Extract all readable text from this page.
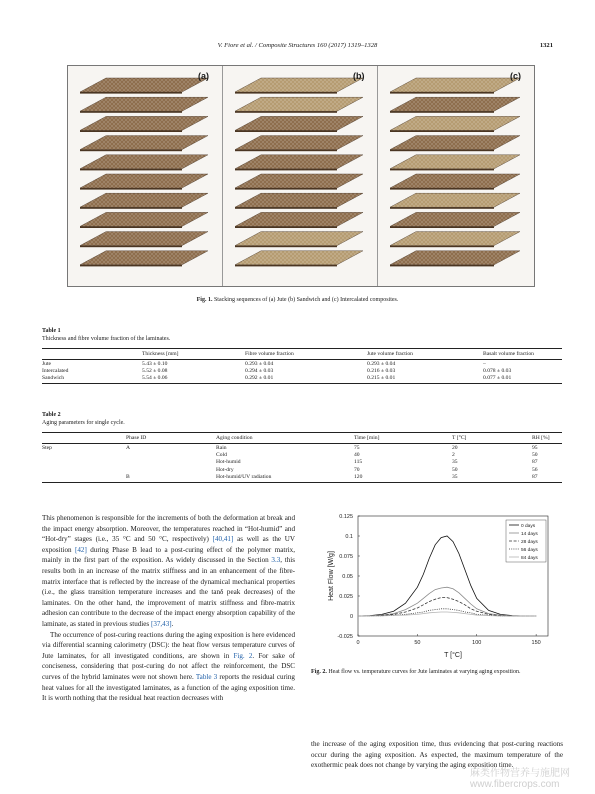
V. Fiore et al. / Composite Structures 160 (2017) 1319–1328	1321
(a)	(b)	(c)
Fig. 1. Stacking sequences of (a) Jute (b) Sandwich and (c) Intercalated composites.
Table 1
Thickness and fibre volume fraction of the laminates.
	Thickness [mm]	Fibre volume fraction	Jute volume fraction	Basalt volume fraction
Jute	5.43 ± 0.10	0.293 ± 0.04	0.293 ± 0.04	–
Intercalated	5.52 ± 0.08	0.294 ± 0.03	0.216 ± 0.03	0.078 ± 0.03
Sandwich	5.54 ± 0.06	0.292 ± 0.01	0.215 ± 0.01	0.077 ± 0.01
Table 2
Aging parameters for single cycle.
	Phase ID	Aging condition	Time [min]	T [°C]	RH [%]
Step	A	Rain	75	20	95
		Cold	40	2	50
		Hot-humid	115	35	87
		Hot-dry	70	50	56
	B	Hot-humid/UV radiation	120	35	87

This phenomenon is responsible for the increments of both the deformation at break and the impact energy absorption. Moreover, the temperatures reached in “Hot-humid” and “Hot-dry” stages (i.e., 35 °C and 50 °C, respectively) [40,41] as well as the UV exposition [42] during Phase B lead to a post-curing effect of the polymer matrix, mainly in the first part of the exposition. As widely discussed in the Section 3.3, this results both in an increase of the matrix stiffness and in an enhancement of the fibre-matrix interface that is reflected by the increase of the dynamical mechanical properties (i.e., the glass transition temperature increases and the tanδ peak decreases) of the laminates. On the other hand, the improvement of matrix stiffness and fibre-matrix adhesion can contribute to the decrease of the impact energy absorption capability of the laminate, as stated in previous studies [37,43].

The occurrence of post-curing reactions during the aging exposition is here evidenced via differential scanning calorimetry (DSC): the heat flow versus temperature curves of Jute laminates, for all investigated conditions, are shown in Fig. 2. For sake of conciseness, considering that post-curing do not affect the reinforcement, the DSC curves of the hybrid laminates were not shown here. Table 3 reports the residual curing heat values for all the investigated laminates, as a function of the aging exposition time. It is worth nothing that the residual heat reaction decreases with

0	50	100	150
-0.025
0
0.025
0.05
0.075
0.1
0.125
T [°C]
Heat Flow [W/g]
0 days
14 days
28 days
56 days
84 days
Fig. 2. Heat flow vs. temperature curves for Jute laminates at varying aging exposition.
the increase of the aging exposition time, thus evidencing that post-curing reactions occur during the aging exposition. As expected, the maximum temperature of the exothermic peak does not change by varying the aging exposition time.
麻类作物营养与施肥网
www.fibercrops.com
